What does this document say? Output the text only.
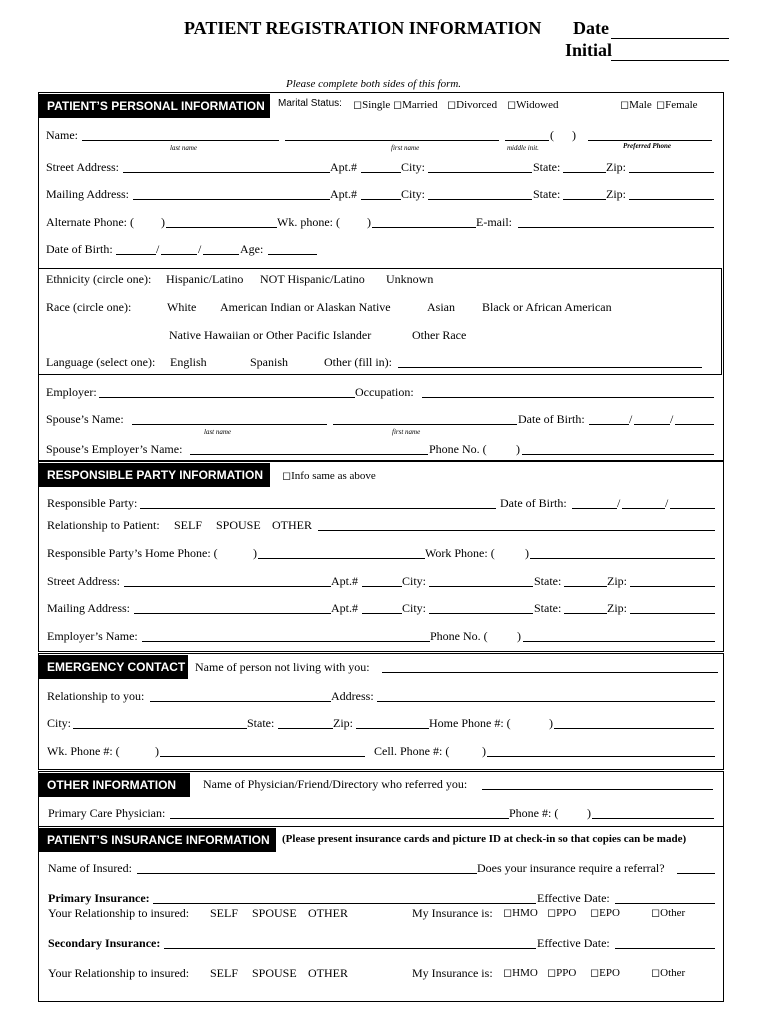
PATIENT REGISTRATION INFORMATION Date
Initial
Please complete both sides of this form.
PATIENT’S PERSONAL INFORMATION	Marital Status: ◻Single ◻Married ◻Divorced ◻Widowed	◻Male ◻Female
Name:	(      )
last name	first name	middle init.	Preferred Phone
Street Address:	Apt.#	City:	State:	Zip:
Mailing Address:	Apt.#	City:	State:	Zip:
Alternate Phone: ( )	Wk. phone: ( )	E-mail:
Date of Birth:	/	/	Age:
Ethnicity (circle one): Hispanic/Latino NOT Hispanic/Latino Unknown
Race (circle one):	White American Indian or Alaskan Native	Asian Black or African American
Native Hawaiian or Other Pacific Islander	Other Race
Language (select one): English	Spanish	Other (fill in):
Employer:	Occupation:
Spouse’s Name:	Date of Birth:	/	/
last name	first name
Spouse’s Employer’s Name:	Phone No. ( )
RESPONSIBLE PARTY INFORMATION	◻Info same as above
Responsible Party:	Date of Birth:	/	/
Relationship to Patient: SELF SPOUSE OTHER
Responsible Party’s Home Phone: (	)	Work Phone: (	)
Street Address:	Apt.#	City:	State:	Zip:
Mailing Address:	Apt.#	City:	State:	Zip:
Employer’s Name:	Phone No. ( )
EMERGENCY CONTACT Name of person not living with you:
Relationship to you:	Address:
City:	State:	Zip:	Home Phone #: (	)
Wk. Phone #: (	)	Cell. Phone #: (	)
OTHER INFORMATION	Name of Physician/Friend/Directory who referred you:
Primary Care Physician:	Phone #: ( )
PATIENT’S INSURANCE INFORMATION	(Please present insurance cards and picture ID at check-in so that copies can be made)
Name of Insured:	Does your insurance require a referral?
Primary Insurance:	Effective Date:
Your Relationship to insured: SELF SPOUSE OTHER	My Insurance is: ◻HMO ◻PPO ◻EPO	◻Other
Secondary Insurance:	Effective Date:
Your Relationship to insured: SELF SPOUSE OTHER	My Insurance is: ◻HMO ◻PPO ◻EPO	◻Other
